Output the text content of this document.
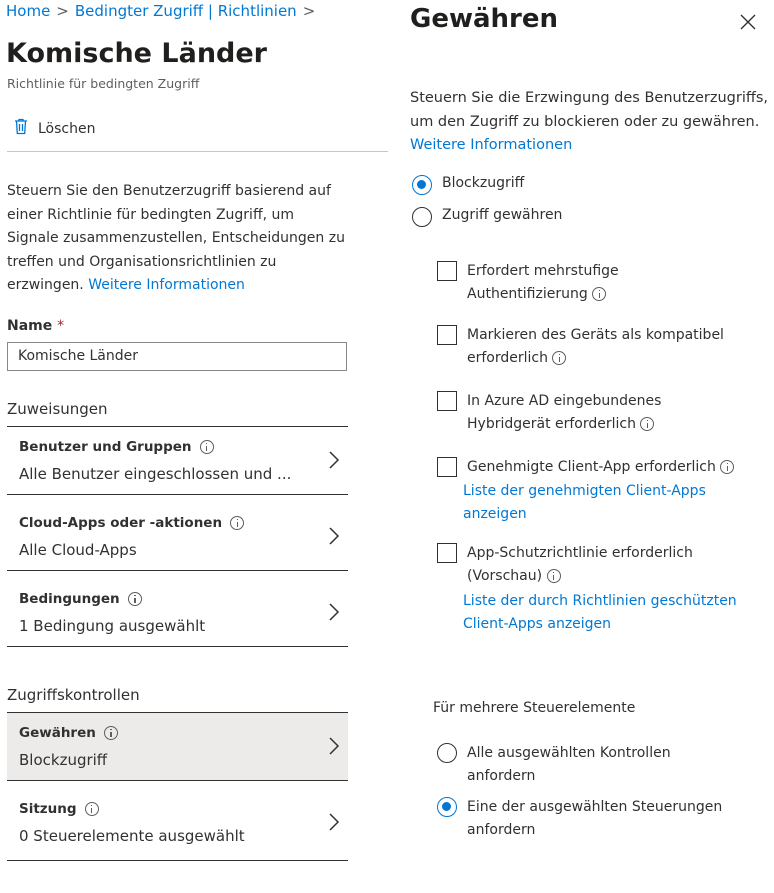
Home > Bedingter Zugriff | Richtlinien >
Komische Länder
Richtlinie für bedingten Zugriff
Löschen
Steuern Sie den Benutzerzugriff basierend auf einer Richtlinie für bedingten Zugriff, um Signale zusammenzustellen, Entscheidungen zu treffen und Organisationsrichtlinien zu erzwingen. Weitere Informationen
Name *
Komische Länder
Zuweisungen
Benutzer und Gruppen
Alle Benutzer eingeschlossen und ...
Cloud-Apps oder -aktionen
Alle Cloud-Apps
Bedingungen
1 Bedingung ausgewählt
Zugriffskontrollen
Gewähren
Blockzugriff
Sitzung
0 Steuerelemente ausgewählt
Gewähren
Steuern Sie die Erzwingung des Benutzerzugriffs, um den Zugriff zu blockieren oder zu gewähren. Weitere Informationen
Blockzugriff
Zugriff gewähren
Erfordert mehrstufige
Authentifizierung
Markieren des Geräts als kompatibel
erforderlich
In Azure AD eingebundenes
Hybridgerät erforderlich
Genehmigte Client-App erforderlich
Liste der genehmigten Client-Apps
anzeigen
App-Schutzrichtlinie erforderlich
(Vorschau)
Liste der durch Richtlinien geschützten
Client-Apps anzeigen
Für mehrere Steuerelemente
Alle ausgewählten Kontrollen
anfordern
Eine der ausgewählten Steuerungen
anfordern
